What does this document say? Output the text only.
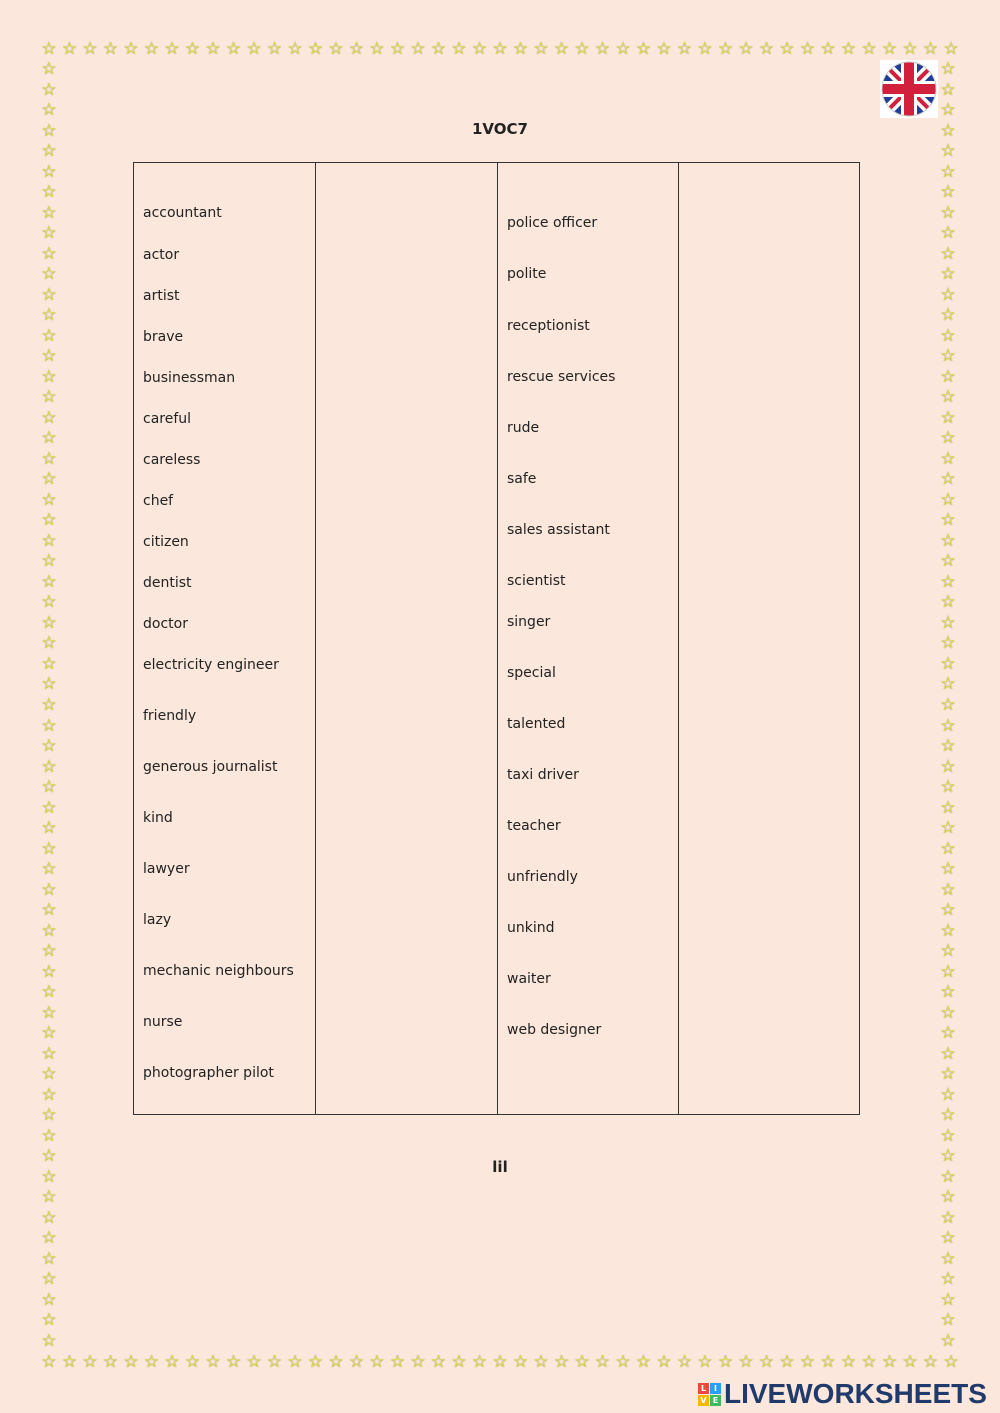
☆ ☆ ☆ ☆ ☆ ☆ ☆ ☆ ☆ ☆ ☆ ☆ ☆ ☆ ☆ ☆ ☆ ☆ ☆ ☆ ☆ ☆ ☆ ☆ ☆ ☆ ☆ ☆ ☆ ☆ ☆ ☆ ☆ ☆ ☆ ☆ ☆ ☆ ☆ ☆ ☆ ☆ ☆ ☆ ☆
☆ ☆ ☆ ☆ ☆ ☆ ☆ ☆ ☆ ☆ ☆ ☆ ☆ ☆ ☆ ☆ ☆ ☆ ☆ ☆ ☆ ☆ ☆ ☆ ☆ ☆ ☆ ☆ ☆ ☆ ☆ ☆ ☆ ☆ ☆ ☆ ☆ ☆ ☆ ☆ ☆ ☆ ☆ ☆ ☆
☆
☆
☆
☆
☆
☆
☆
☆
☆
☆
☆
☆
☆
☆
☆
☆
☆
☆
☆
☆
☆
☆
☆
☆
☆
☆
☆
☆
☆
☆
☆
☆
☆
☆
☆
☆
☆
☆
☆
☆
☆
☆
☆
☆
☆
☆
☆
☆
☆
☆
☆
☆
☆
☆
☆
☆
☆
☆
☆
☆
☆
☆
☆
☆
☆
☆
☆
☆
☆
☆
☆
☆
☆
☆
☆
☆
☆
☆
☆
☆
☆
☆
☆
☆
☆
☆
☆
☆
☆
☆
☆
☆
☆
☆
☆
☆
☆
☆
☆
☆
☆
☆
☆
☆
☆
☆
☆
☆
☆
☆
☆
☆
☆
☆
☆
☆
☆
☆
☆
☆
☆
☆
☆
☆
☆
☆
1VOC7
accountant
actor
artist
brave
businessman
careful
careless
chef
citizen
dentist
doctor
electricity engineer
friendly
generous journalist
kind
lawyer
lazy
mechanic neighbours
nurse
photographer pilot
police officer
polite
receptionist
rescue services
rude
safe
sales assistant
scientist
singer
special
talented
taxi driver
teacher
unfriendly
unkind
waiter
web designer
lil
L I
V E LIVEWORKSHEETS
